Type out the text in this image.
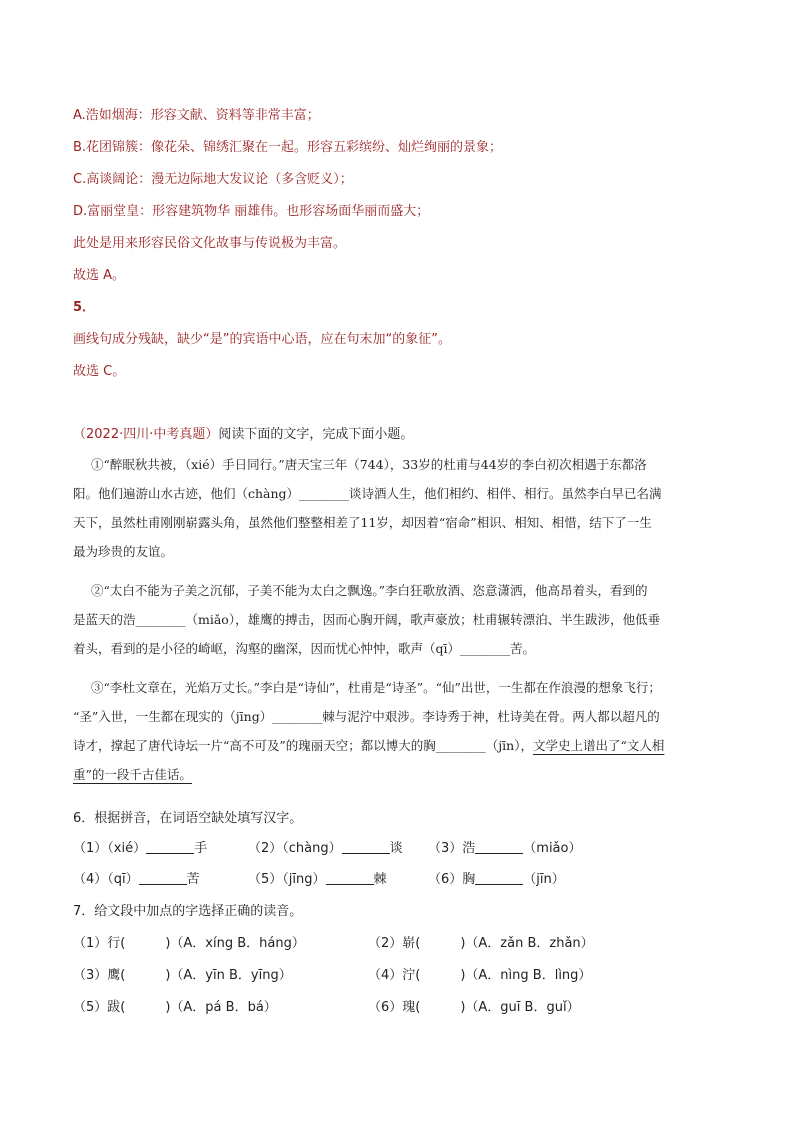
A.浩如烟海：形容文献、资料等非常丰富；
B.花团锦簇：像花朵、锦绣汇聚在一起。形容五彩缤纷、灿烂绚丽的景象；
C.高谈阔论：漫无边际地大发议论（多含贬义）；
D.富丽堂皇：形容建筑物华 丽雄伟。也形容场面华丽而盛大；
此处是用来形容民俗文化故事与传说极为丰富。
故选 A。
5．
画线句成分残缺，缺少“是”的宾语中心语，应在句末加“的象征”。
故选 C。
（2022·四川·中考真题）阅读下面的文字，完成下面小题。
①“醉眠秋共被，（xié）手日同行。”唐天宝三年（744），33岁的杜甫与44岁的李白初次相遇于东都洛
阳。他们遍游山水古迹，他们（chàng）________谈诗酒人生，他们相约、相伴、相行。虽然李白早已名满
天下，虽然杜甫刚刚崭露头角，虽然他们整整相差了11岁，却因着“宿命”相识、相知、相惜，结下了一生
最为珍贵的友谊。
②“太白不能为子美之沉郁，子美不能为太白之飘逸。”李白狂歌放酒、恣意潇洒，他高昂着头，看到的
是蓝天的浩________（miǎo），雄鹰的搏击，因而心胸开阔，歌声豪放；杜甫辗转漂泊、半生跋涉，他低垂
着头，看到的是小径的崎岖，沟壑的幽深，因而忧心忡忡，歌声（qī）________苦。
③“李杜文章在，光焰万丈长。”李白是“诗仙”，杜甫是“诗圣”。“仙”出世，一生都在作浪漫的想象飞行；
“圣”入世，一生都在现实的（jīng）________棘与泥泞中艰涉。李诗秀于神，杜诗美在骨。两人都以超凡的
诗才，撑起了唐代诗坛一片“高不可及”的瑰丽天空；都以博大的胸________（jīn），文学史上谱出了“文人相
重”的一段千古佳话。
6．根据拼音，在词语空缺处填写汉字。
（1）（xié）	手	（2）（chàng）	谈 （3）浩	（miǎo）
（4）（qī）	苦	（5）（jīng）	棘	（6）胸	（jīn）
7．给文段中加点的字选择正确的读音。
（1）行(	)（A．xíng B．háng）	（2）崭(	)（A．zǎn B．zhǎn）
（3）鹰(	)（A．yīn B．yīng）	（4）泞(	)（A．nìng B．lìng）
（5）跋(	)（A．pá B．bá）	（6）瑰(	)（A．guī B．guǐ）
